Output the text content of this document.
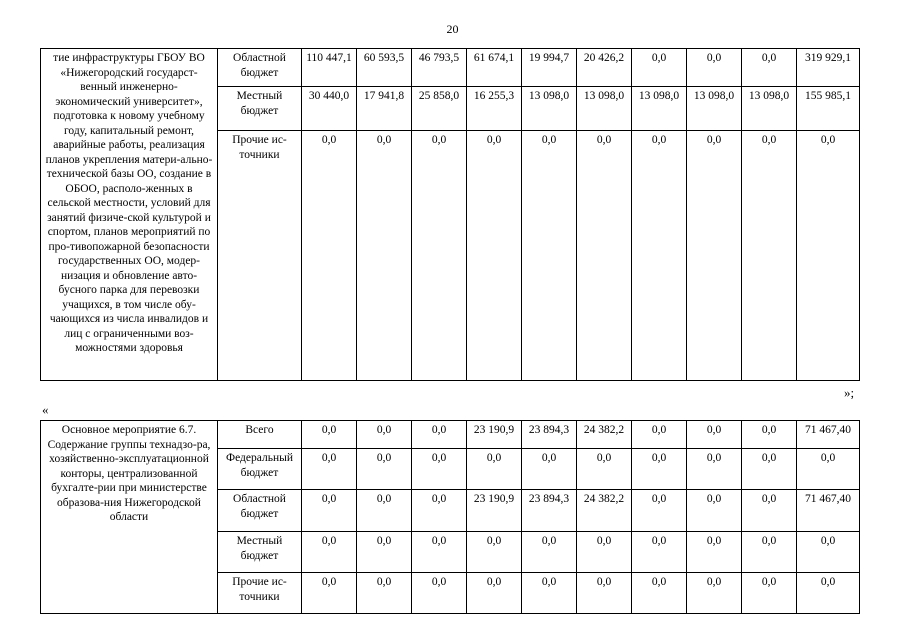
20
тие инфраструктуры ГБОУ ВО «Нижегородский государст-венный инженерно-экономический университет», подготовка к новому учебному году, капитальный ремонт, аварийные работы, реализация планов укрепления матери-ально-технической базы ОО, создание в ОБОО, располо-женных в сельской местности, условий для занятий физиче-ской культурой и спортом, планов мероприятий по про-тивопожарной безопасности государственных ОО, модер-низация и обновление авто-бусного парка для перевозки учащихся, в том числе обу-чающихся из числа инвалидов и лиц с ограниченными воз-можностями здоровья	Областной бюджет	110 447,1	60 593,5	46 793,5	61 674,1	19 994,7	20 426,2	0,0	0,0	0,0	319 929,1
	Местный бюджет	30 440,0	17 941,8	25 858,0	16 255,3	13 098,0	13 098,0	13 098,0	13 098,0	13 098,0	155 985,1
	Прочие ис-точники	0,0	0,0	0,0	0,0	0,0	0,0	0,0	0,0	0,0	0,0
»;
«
Основное мероприятие 6.7. Содержание группы технадзо-ра, хозяйственно-эксплуатационной конторы, централизованной бухгалте-рии при министерстве образова-ния Нижегородской области	Всего	0,0	0,0	0,0	23 190,9	23 894,3	24 382,2	0,0	0,0	0,0	71 467,40
	Федеральный бюджет	0,0	0,0	0,0	0,0	0,0	0,0	0,0	0,0	0,0	0,0
	Областной бюджет	0,0	0,0	0,0	23 190,9	23 894,3	24 382,2	0,0	0,0	0,0	71 467,40
	Местный бюджет	0,0	0,0	0,0	0,0	0,0	0,0	0,0	0,0	0,0	0,0
	Прочие ис-точники	0,0	0,0	0,0	0,0	0,0	0,0	0,0	0,0	0,0	0,0
